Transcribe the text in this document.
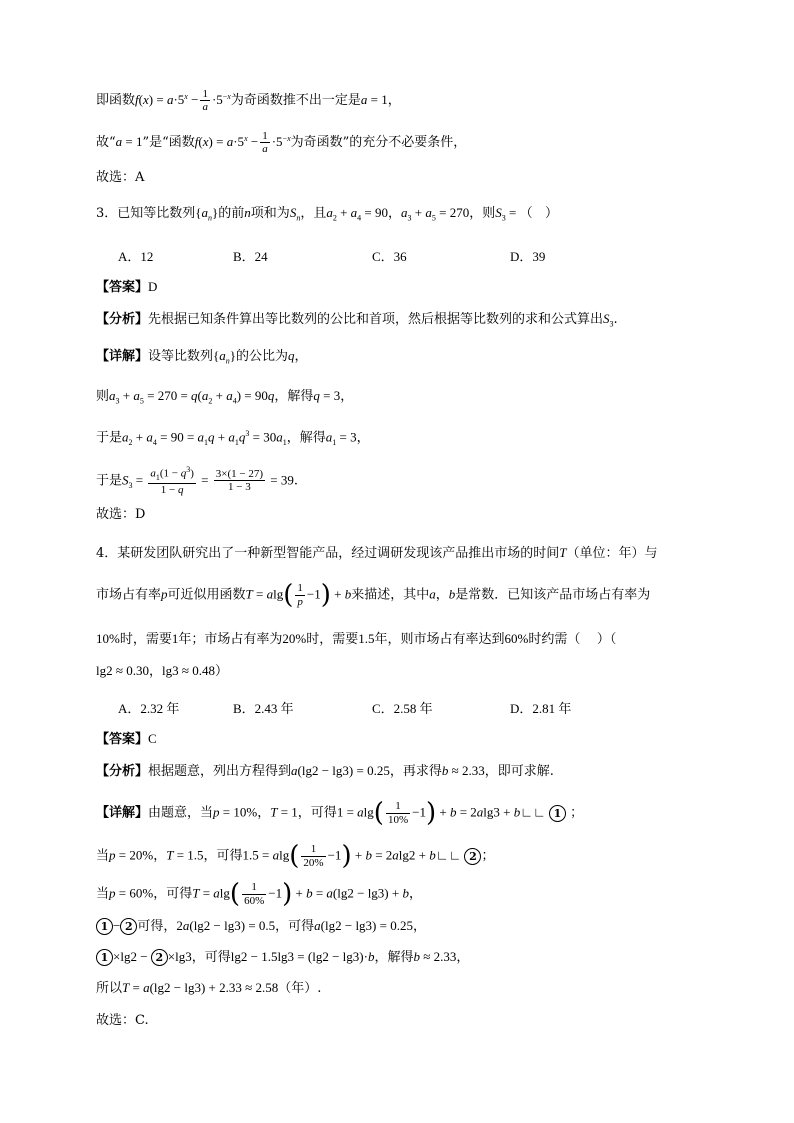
即函数$f(x) = a\cdot 5^x - \frac{1}{a} \cdot 5^{-x}$为奇函数推不出一定是a = 1，
故“a = 1”是“函数$f(x) = a\cdot 5^x - \frac{1}{a} \cdot 5^{-x}$为奇函数”的充分不必要条件，
故选：A
3．已知等比数列$\{a_n\}$的前n项和为$S_n$，且$a_2 + a_4 = 90$，$a_3 + a_5 = 270$，则$S_3$ = （   ）
A．12	B．24	C．36	D．39
【答案】D
【分析】先根据已知条件算出等比数列的公比和首项，然后根据等比数列的求和公式算出$S_3$.
【详解】设等比数列$\{a_n\}$的公比为q，
则$a_3 + a_5 = 270 = q(a_2 + a_4) = 90q$，解得q = 3，
于是$a_2 + a_4 = 90 = a_1q + a_1q^3 = 30a_1$，解得$a_1 = 3$，
于是$S_3 = \frac{a_1(1 - q^3)}{1 - q} = \frac{3\times(1 - 27)}{1 - 3} = 39$.
故选：D
4．某研发团队研究出了一种新型智能产品，经过调研发现该产品推出市场的时间T（单位：年）与
市场占有率p可近似用函数$T = alg( \frac{1}{p} -1) + b$来描述，其中a，b是常数．已知该产品市场占有率为
10%时，需要1年；市场占有率为20%时，需要1.5年，则市场占有率达到60%时约需（    ）（
lg2 ≈ 0.30，lg3 ≈ 0.48）
A．2.32 年	B．2.43 年	C．2.58 年	D．2.81 年
【答案】C
【分析】根据题意，列出方程得到a(lg2 − lg3) = 0.25，再求得b ≈ 2.33，即可求解.
【详解】由题意，当p = 10%，T = 1，可得$1 = alg( \frac{1}{10\%} -1) + b = 2alg3$ + b∟∟ 1 ；
当p = 20%，T = 1.5，可得$1.5 = alg( \frac{1}{20\%} -1) + b = 2alg2$ + b∟∟ 2 ；
当p = 60%，可得$T = alg( \frac{1}{60\%} -1) + b = a(\lg 2 - \lg 3) + b$，
1 − 2 可得，2a(lg2 − lg3) = 0.5，可得a(lg2 − lg3) = 0.25，
1 ×lg2 − 2 ×lg3，可得lg2 − 1.5lg3 = (lg2 − lg3)·b，解得b ≈ 2.33，
所以T = a(lg2 − lg3) + 2.33 ≈ 2.58（年）.
故选：C.
